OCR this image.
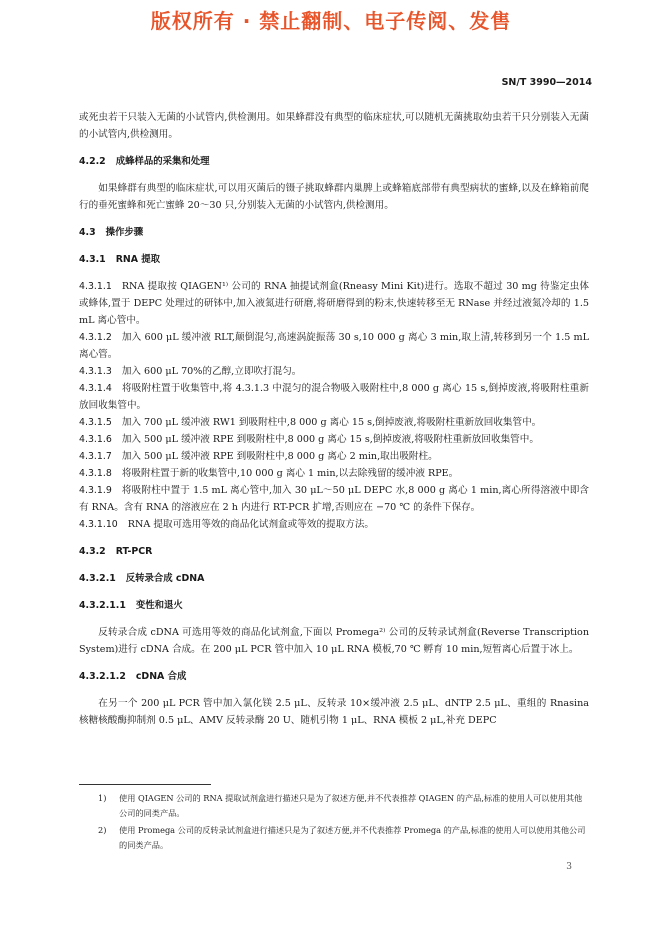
版权所有 · 禁止翻制、电子传阅、发售
SN/T 3990—2014

或死虫若干只装入无菌的小试管内,供检测用。如果蜂群没有典型的临床症状,可以随机无菌挑取幼虫若干只分别装入无菌的小试管内,供检测用。

4.2.2 成蜂样品的采集和处理

如果蜂群有典型的临床症状,可以用灭菌后的镊子挑取蜂群内巢脾上或蜂箱底部带有典型病状的蜜蜂,以及在蜂箱前爬行的垂死蜜蜂和死亡蜜蜂 20～30 只,分别装入无菌的小试管内,供检测用。

4.3 操作步骤

4.3.1 RNA 提取

4.3.1.1 RNA 提取按 QIAGEN¹⁾ 公司的 RNA 抽提试剂盒(Rneasy Mini Kit)进行。选取不超过 30 mg 待鉴定虫体或蜂体,置于 DEPC 处理过的研钵中,加入液氮进行研磨,将研磨得到的粉末,快速转移至无 RNase 并经过液氮冷却的 1.5 mL 离心管中。

4.3.1.2 加入 600 μL 缓冲液 RLT,颠倒混匀,高速涡旋振荡 30 s,10 000 g 离心 3 min,取上清,转移到另一个 1.5 mL 离心管。

4.3.1.3 加入 600 μL 70%的乙醇,立即吹打混匀。

4.3.1.4 将吸附柱置于收集管中,将 4.3.1.3 中混匀的混合物吸入吸附柱中,8 000 g 离心 15 s,倒掉废液,将吸附柱重新放回收集管中。

4.3.1.5 加入 700 μL 缓冲液 RW1 到吸附柱中,8 000 g 离心 15 s,倒掉废液,将吸附柱重新放回收集管中。

4.3.1.6 加入 500 μL 缓冲液 RPE 到吸附柱中,8 000 g 离心 15 s,倒掉废液,将吸附柱重新放回收集管中。

4.3.1.7 加入 500 μL 缓冲液 RPE 到吸附柱中,8 000 g 离心 2 min,取出吸附柱。

4.3.1.8 将吸附柱置于新的收集管中,10 000 g 离心 1 min,以去除残留的缓冲液 RPE。

4.3.1.9 将吸附柱中置于 1.5 mL 离心管中,加入 30 μL～50 μL DEPC 水,8 000 g 离心 1 min,离心所得溶液中即含有 RNA。含有 RNA 的溶液应在 2 h 内进行 RT-PCR 扩增,否则应在 −70 ℃ 的条件下保存。

4.3.1.10 RNA 提取可选用等效的商品化试剂盒或等效的提取方法。

4.3.2 RT-PCR

4.3.2.1 反转录合成 cDNA

4.3.2.1.1 变性和退火

反转录合成 cDNA 可选用等效的商品化试剂盒,下面以 Promega²⁾ 公司的反转录试剂盒(Reverse Transcription System)进行 cDNA 合成。在 200 μL PCR 管中加入 10 μL RNA 模板,70 ℃ 孵育 10 min,短暂离心后置于冰上。

4.3.2.1.2 cDNA 合成

在另一个 200 μL PCR 管中加入氯化镁 2.5 μL、反转录 10×缓冲液 2.5 μL、dNTP 2.5 μL、重组的 Rnasina 核糖核酸酶抑制剂 0.5 μL、AMV 反转录酶 20 U、随机引物 1 μL、RNA 模板 2 μL,补充 DEPC

1)	使用 QIAGEN 公司的 RNA 提取试剂盒进行描述只是为了叙述方便,并不代表推荐 QIAGEN 的产品,标准的使用人可以使用其他公司的同类产品。
2)	使用 Promega 公司的反转录试剂盒进行描述只是为了叙述方便,并不代表推荐 Promega 的产品,标准的使用人可以使用其他公司的同类产品。
3
